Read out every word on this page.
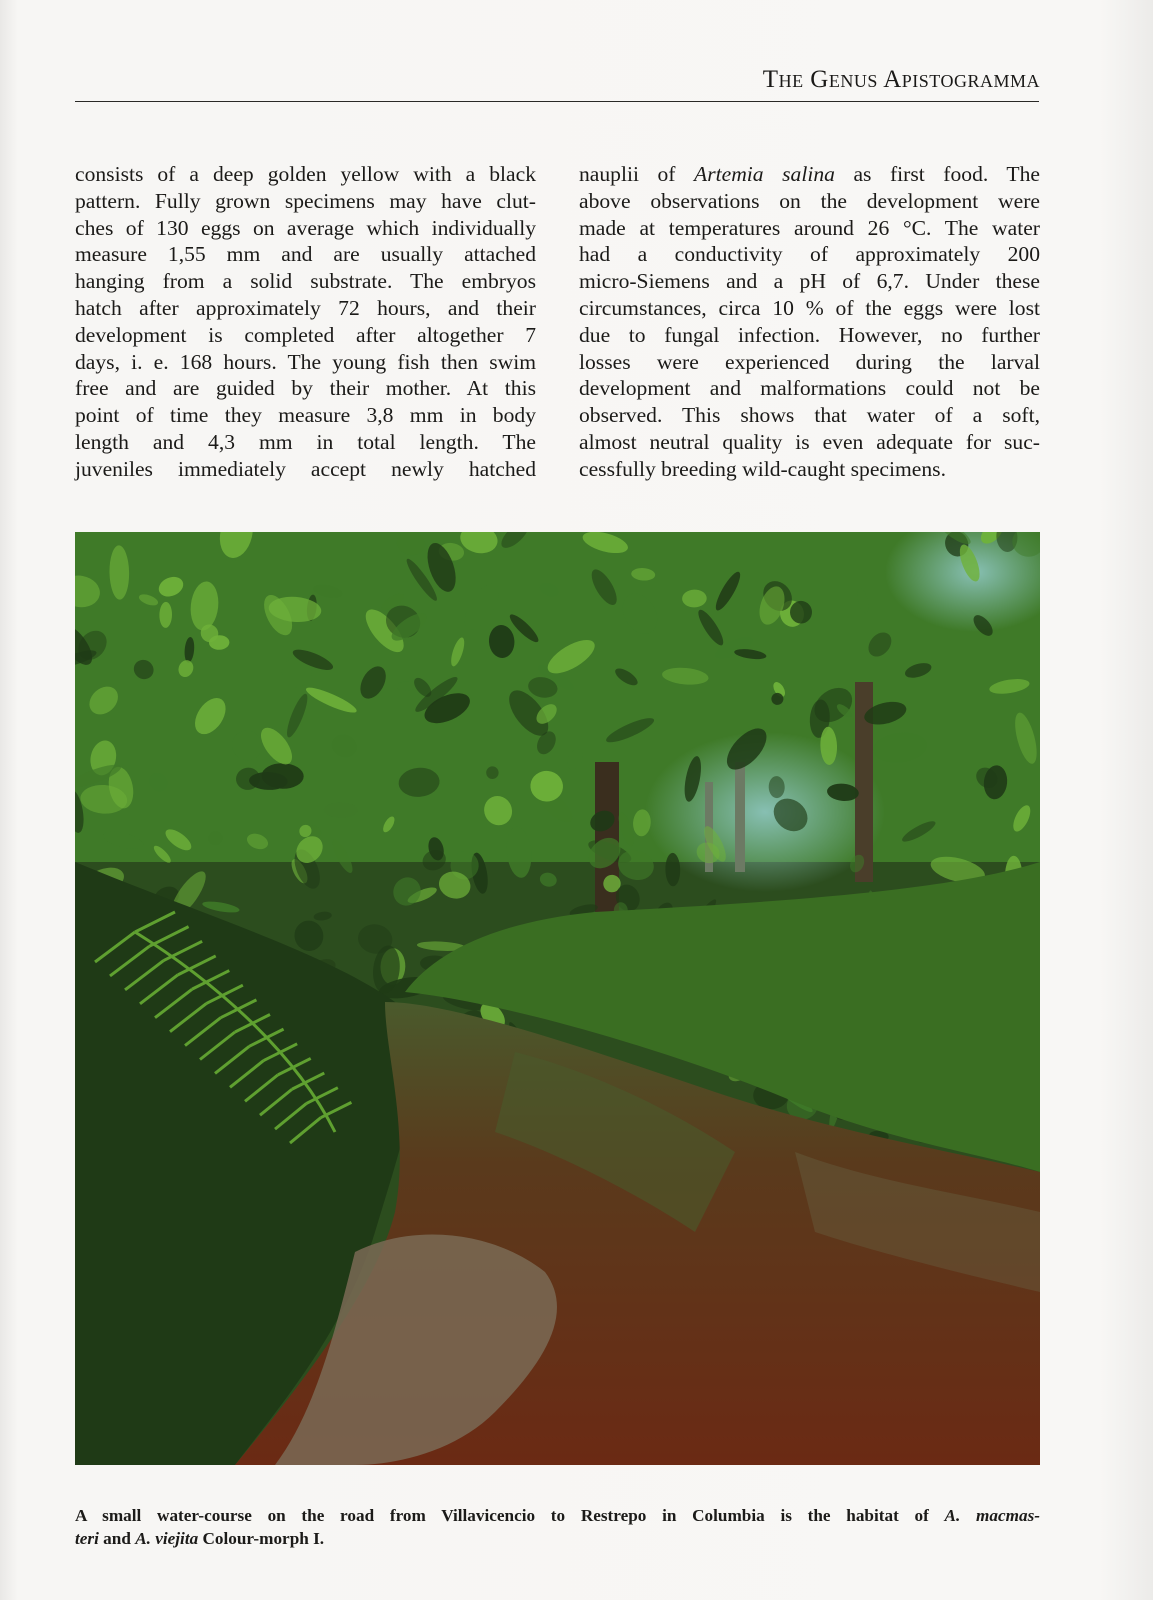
The Genus Apistogramma
consists of a deep golden yellow with a black
pattern. Fully grown specimens may have clut-
ches of 130 eggs on average which individually
measure 1,55 mm and are usually attached
hanging from a solid substrate. The embryos
hatch after approximately 72 hours, and their
development is completed after altogether 7
days, i. e. 168 hours. The young fish then swim
free and are guided by their mother. At this
point of time they measure 3,8 mm in body
length and 4,3 mm in total length. The
juveniles immediately accept newly hatched
nauplii of Artemia salina as first food. The
above observations on the development were
made at temperatures around 26 °C. The water
had a conductivity of approximately 200
micro-Siemens and a pH of 6,7. Under these
circumstances, circa 10 % of the eggs were lost
due to fungal infection. However, no further
losses were experienced during the larval
development and malformations could not be
observed. This shows that water of a soft,
almost neutral quality is even adequate for suc-
cessfully breeding wild-caught specimens.
A small water-course on the road from Villavicencio to Restrepo in Columbia is the habitat of A. macmas-
teri and A. viejita Colour-morph I.
